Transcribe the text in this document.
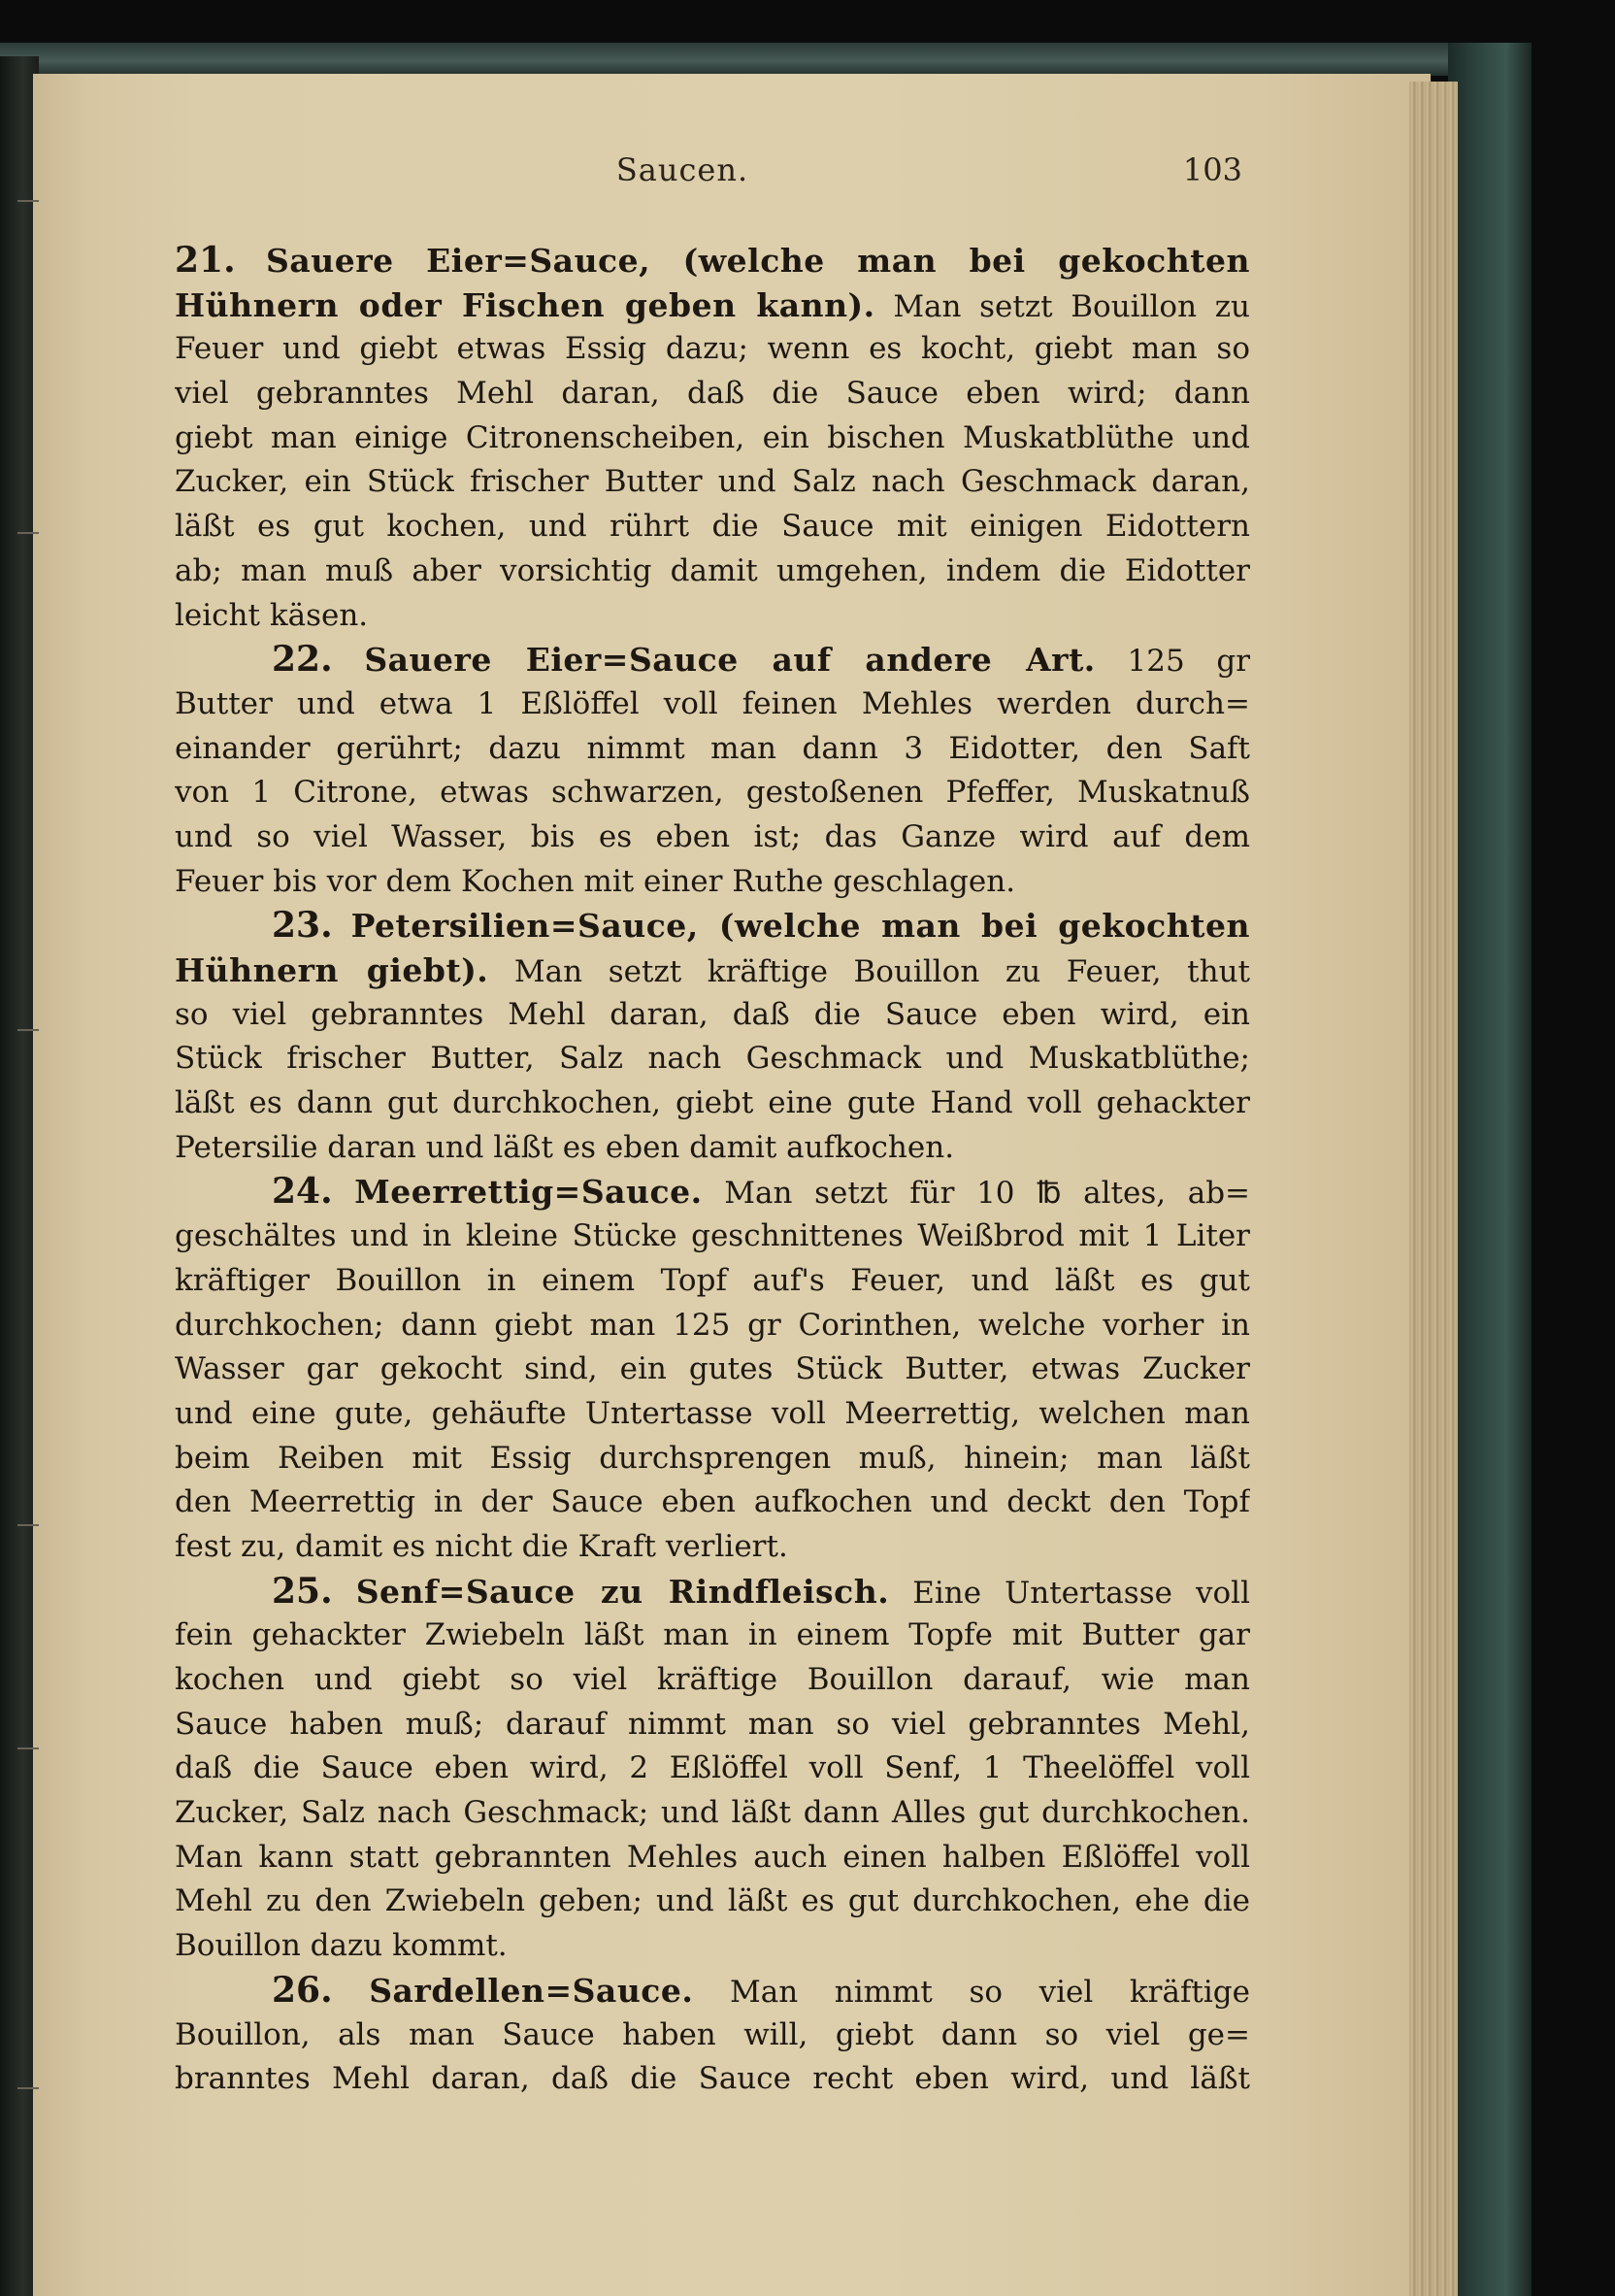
Saucen.	103
21. Sauere Eier=Sauce, (welche man bei gekochten
Hühnern oder Fischen geben kann). Man setzt Bouillon zu
Feuer und giebt etwas Essig dazu; wenn es kocht, giebt man so
viel gebranntes Mehl daran, daß die Sauce eben wird; dann
giebt man einige Citronenscheiben, ein bischen Muskatblüthe und
Zucker, ein Stück frischer Butter und Salz nach Geschmack daran,
läßt es gut kochen, und rührt die Sauce mit einigen Eidottern
ab; man muß aber vorsichtig damit umgehen, indem die Eidotter
leicht käsen.
22. Sauere Eier=Sauce auf andere Art. 125 gr
Butter und etwa 1 Eßlöffel voll feinen Mehles werden durch=
einander gerührt; dazu nimmt man dann 3 Eidotter, den Saft
von 1 Citrone, etwas schwarzen, gestoßenen Pfeffer, Muskatnuß
und so viel Wasser, bis es eben ist; das Ganze wird auf dem
Feuer bis vor dem Kochen mit einer Ruthe geschlagen.
23. Petersilien=Sauce, (welche man bei gekochten
Hühnern giebt). Man setzt kräftige Bouillon zu Feuer, thut
so viel gebranntes Mehl daran, daß die Sauce eben wird, ein
Stück frischer Butter, Salz nach Geschmack und Muskatblüthe;
läßt es dann gut durchkochen, giebt eine gute Hand voll gehackter
Petersilie daran und läßt es eben damit aufkochen.
24. Meerrettig=Sauce. Man setzt für 10 ℔ altes, ab=
geschältes und in kleine Stücke geschnittenes Weißbrod mit 1 Liter
kräftiger Bouillon in einem Topf auf's Feuer, und läßt es gut
durchkochen; dann giebt man 125 gr Corinthen, welche vorher in
Wasser gar gekocht sind, ein gutes Stück Butter, etwas Zucker
und eine gute, gehäufte Untertasse voll Meerrettig, welchen man
beim Reiben mit Essig durchsprengen muß, hinein; man läßt
den Meerrettig in der Sauce eben aufkochen und deckt den Topf
fest zu, damit es nicht die Kraft verliert.
25. Senf=Sauce zu Rindfleisch. Eine Untertasse voll
fein gehackter Zwiebeln läßt man in einem Topfe mit Butter gar
kochen und giebt so viel kräftige Bouillon darauf, wie man
Sauce haben muß; darauf nimmt man so viel gebranntes Mehl,
daß die Sauce eben wird, 2 Eßlöffel voll Senf, 1 Theelöffel voll
Zucker, Salz nach Geschmack; und läßt dann Alles gut durchkochen.
Man kann statt gebrannten Mehles auch einen halben Eßlöffel voll
Mehl zu den Zwiebeln geben; und läßt es gut durchkochen, ehe die
Bouillon dazu kommt.
26. Sardellen=Sauce. Man nimmt so viel kräftige
Bouillon, als man Sauce haben will, giebt dann so viel ge=
branntes Mehl daran, daß die Sauce recht eben wird, und läßt
